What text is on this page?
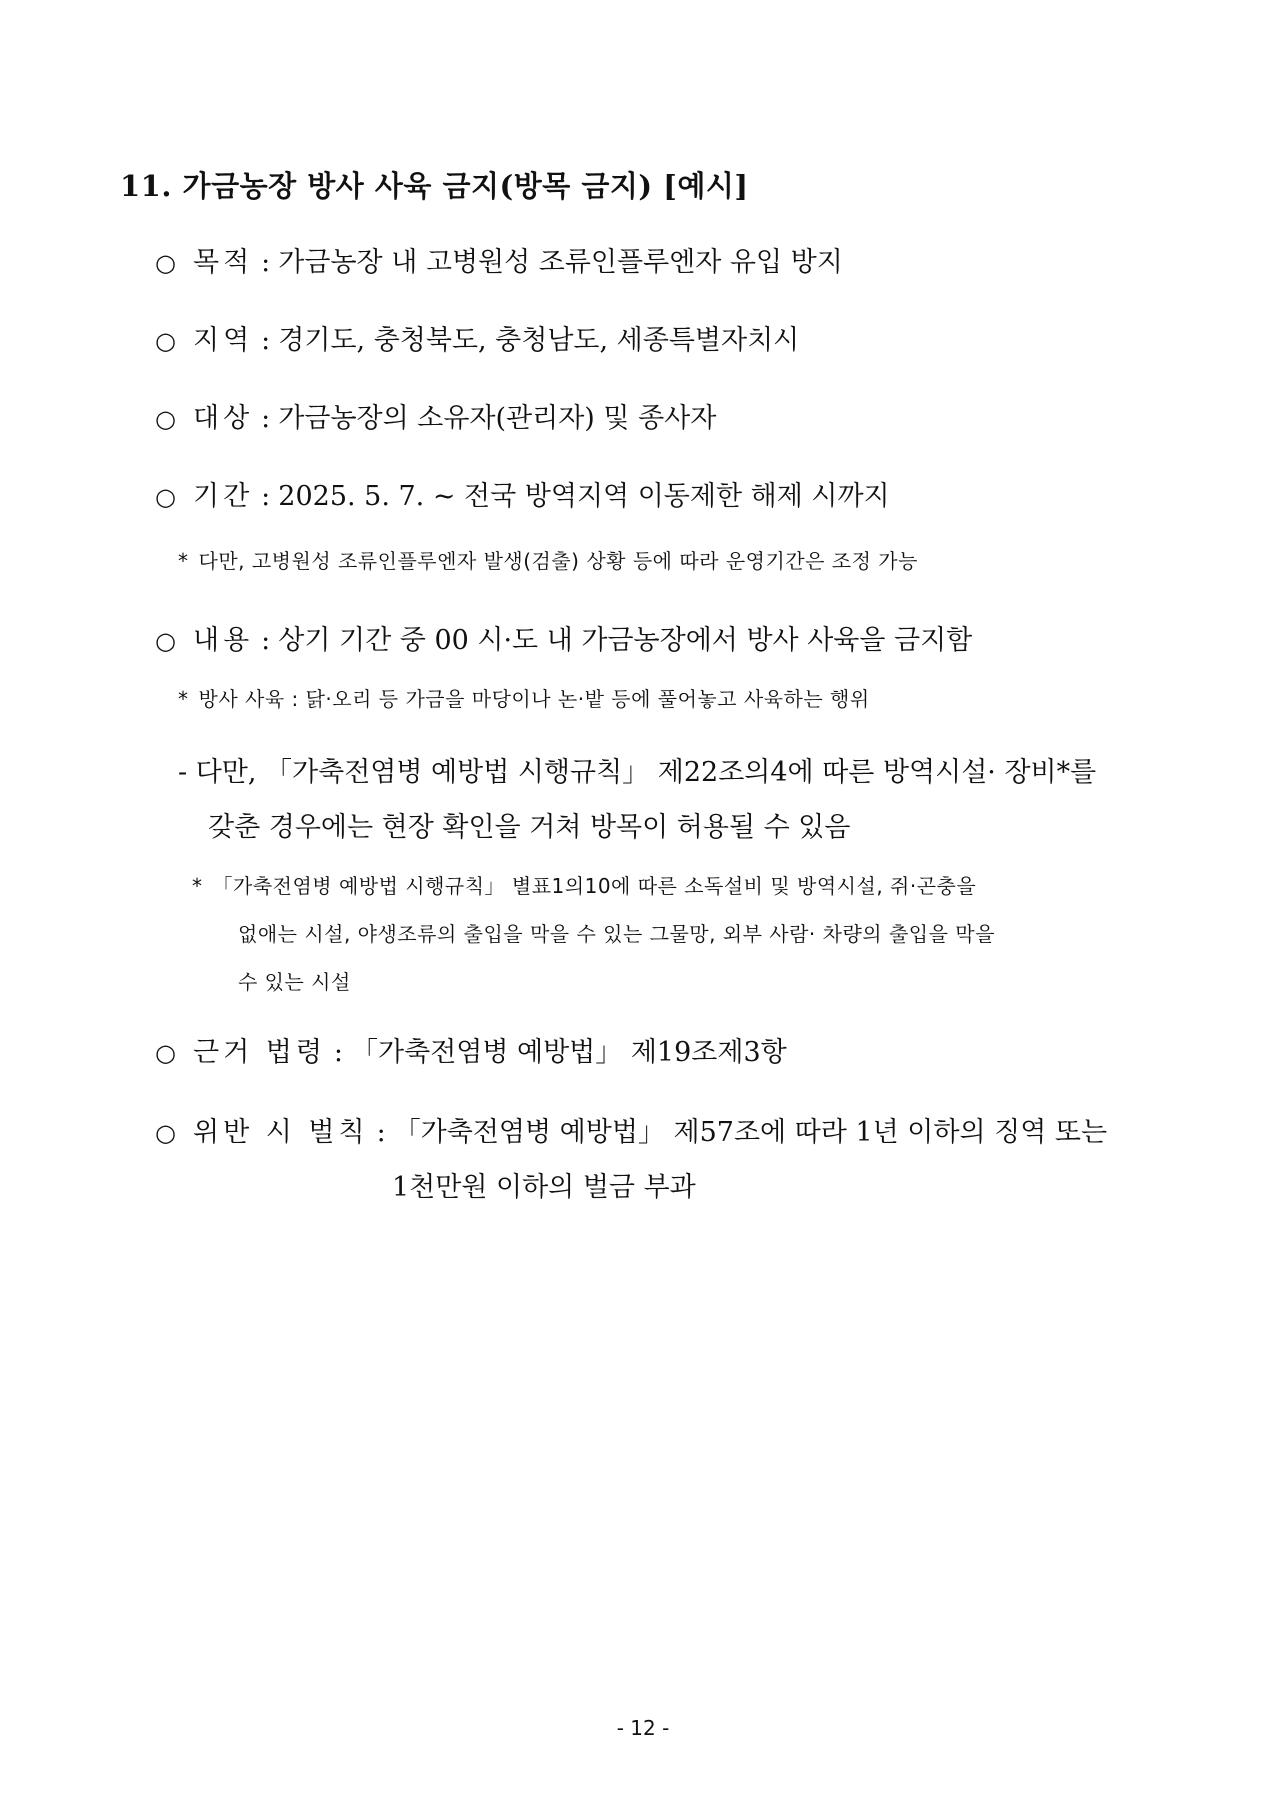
11. 가금농장 방사 사육 금지(방목 금지) [예시]
○ 목적 : 가금농장 내 고병원성 조류인플루엔자 유입 방지
○ 지역 : 경기도, 충청북도, 충청남도, 세종특별자치시
○ 대상 : 가금농장의 소유자(관리자) 및 종사자
○ 기간 : 2025. 5. 7. ~ 전국 방역지역 이동제한 해제 시까지
* 다만, 고병원성 조류인플루엔자 발생(검출) 상황 등에 따라 운영기간은 조정 가능
○ 내용 : 상기 기간 중 00 시·도 내 가금농장에서 방사 사육을 금지함
* 방사 사육 : 닭·오리 등 가금을 마당이나 논·밭 등에 풀어놓고 사육하는 행위
- 다만, 「가축전염병 예방법 시행규칙」 제22조의4에 따른 방역시설· 장비*를
갖춘 경우에는 현장 확인을 거쳐 방목이 허용될 수 있음
* 「가축전염병 예방법 시행규칙」 별표1의10에 따른 소독설비 및 방역시설, 쥐·곤충을
없애는 시설, 야생조류의 출입을 막을 수 있는 그물망, 외부 사람· 차량의 출입을 막을
수 있는 시설
○ 근거 법령 : 「가축전염병 예방법」 제19조제3항
○ 위반 시 벌칙 : 「가축전염병 예방법」 제57조에 따라 1년 이하의 징역 또는
1천만원 이하의 벌금 부과
- 12 -
